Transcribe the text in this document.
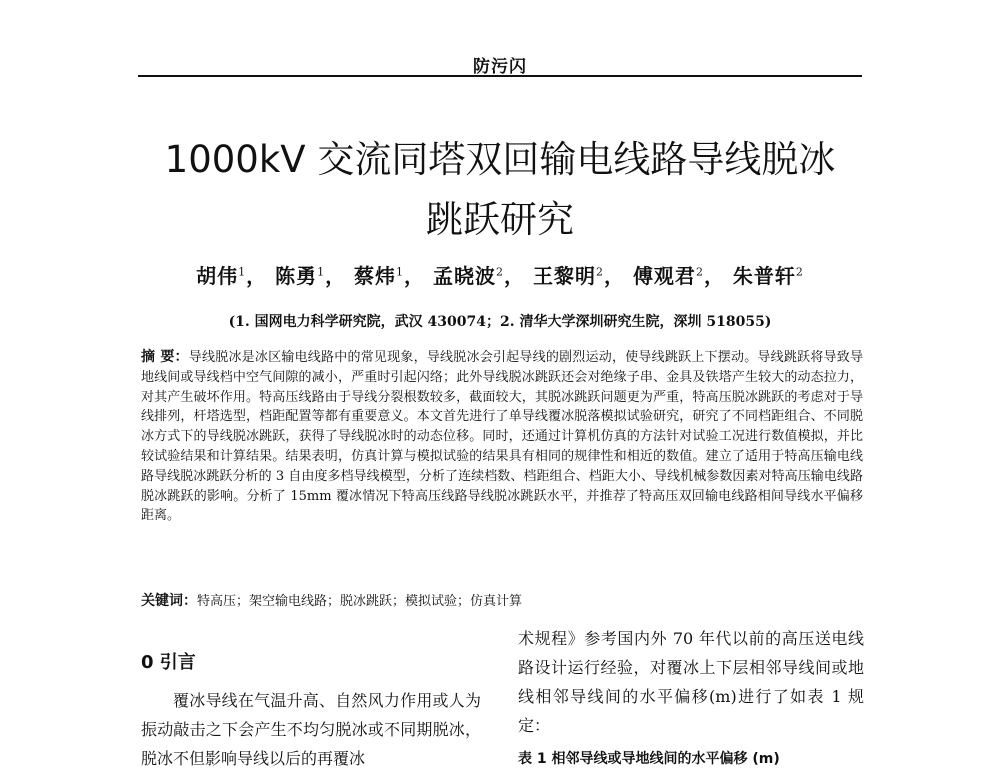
防污闪
1000kV 交流同塔双回输电线路导线脱冰
跳跃研究
胡伟$^1$， 陈勇$^1$， 蔡炜$^1$， 孟晓波$^2$， 王黎明$^2$， 傅观君$^2$， 朱普轩$^2$
(1. 国网电力科学研究院，武汉 430074；2. 清华大学深圳研究生院，深圳 518055)
摘 要：导线脱冰是冰区输电线路中的常见现象，导线脱冰会引起导线的剧烈运动，使导线跳跃上下摆动。导线跳跃将导致导地线间或导线档中空气间隙的减小，严重时引起闪络；此外导线脱冰跳跃还会对绝缘子串、金具及铁塔产生较大的动态拉力，对其产生破坏作用。特高压线路由于导线分裂根数较多，截面较大，其脱冰跳跃问题更为严重，特高压脱冰跳跃的考虑对于导线排列，杆塔选型，档距配置等都有重要意义。本文首先进行了单导线覆冰脱落模拟试验研究，研究了不同档距组合、不同脱冰方式下的导线脱冰跳跃，获得了导线脱冰时的动态位移。同时，还通过计算机仿真的方法针对试验工况进行数值模拟，并比较试验结果和计算结果。结果表明，仿真计算与模拟试验的结果具有相同的规律性和相近的数值。建立了适用于特高压输电线路导线脱冰跳跃分析的 3 自由度多档导线模型，分析了连续档数、档距组合、档距大小、导线机械参数因素对特高压输电线路脱冰跳跃的影响。分析了 15mm 覆冰情况下特高压线路导线脱冰跳跃水平，并推荐了特高压双回输电线路相间导线水平偏移距离。
关键词：特高压；架空输电线路；脱冰跳跃；模拟试验；仿真计算
0 引言
覆冰导线在气温升高、自然风力作用或人为振动敲击之下会产生不均匀脱冰或不同期脱冰，脱冰不但影响导线以后的再覆冰
术规程》参考国内外 70 年代以前的高压送电线路设计运行经验，对覆冰上下层相邻导线间或地线相邻导线间的水平偏移(m)进行了如表 1 规定：
表 1 相邻导线或导地线间的水平偏移 (m)
